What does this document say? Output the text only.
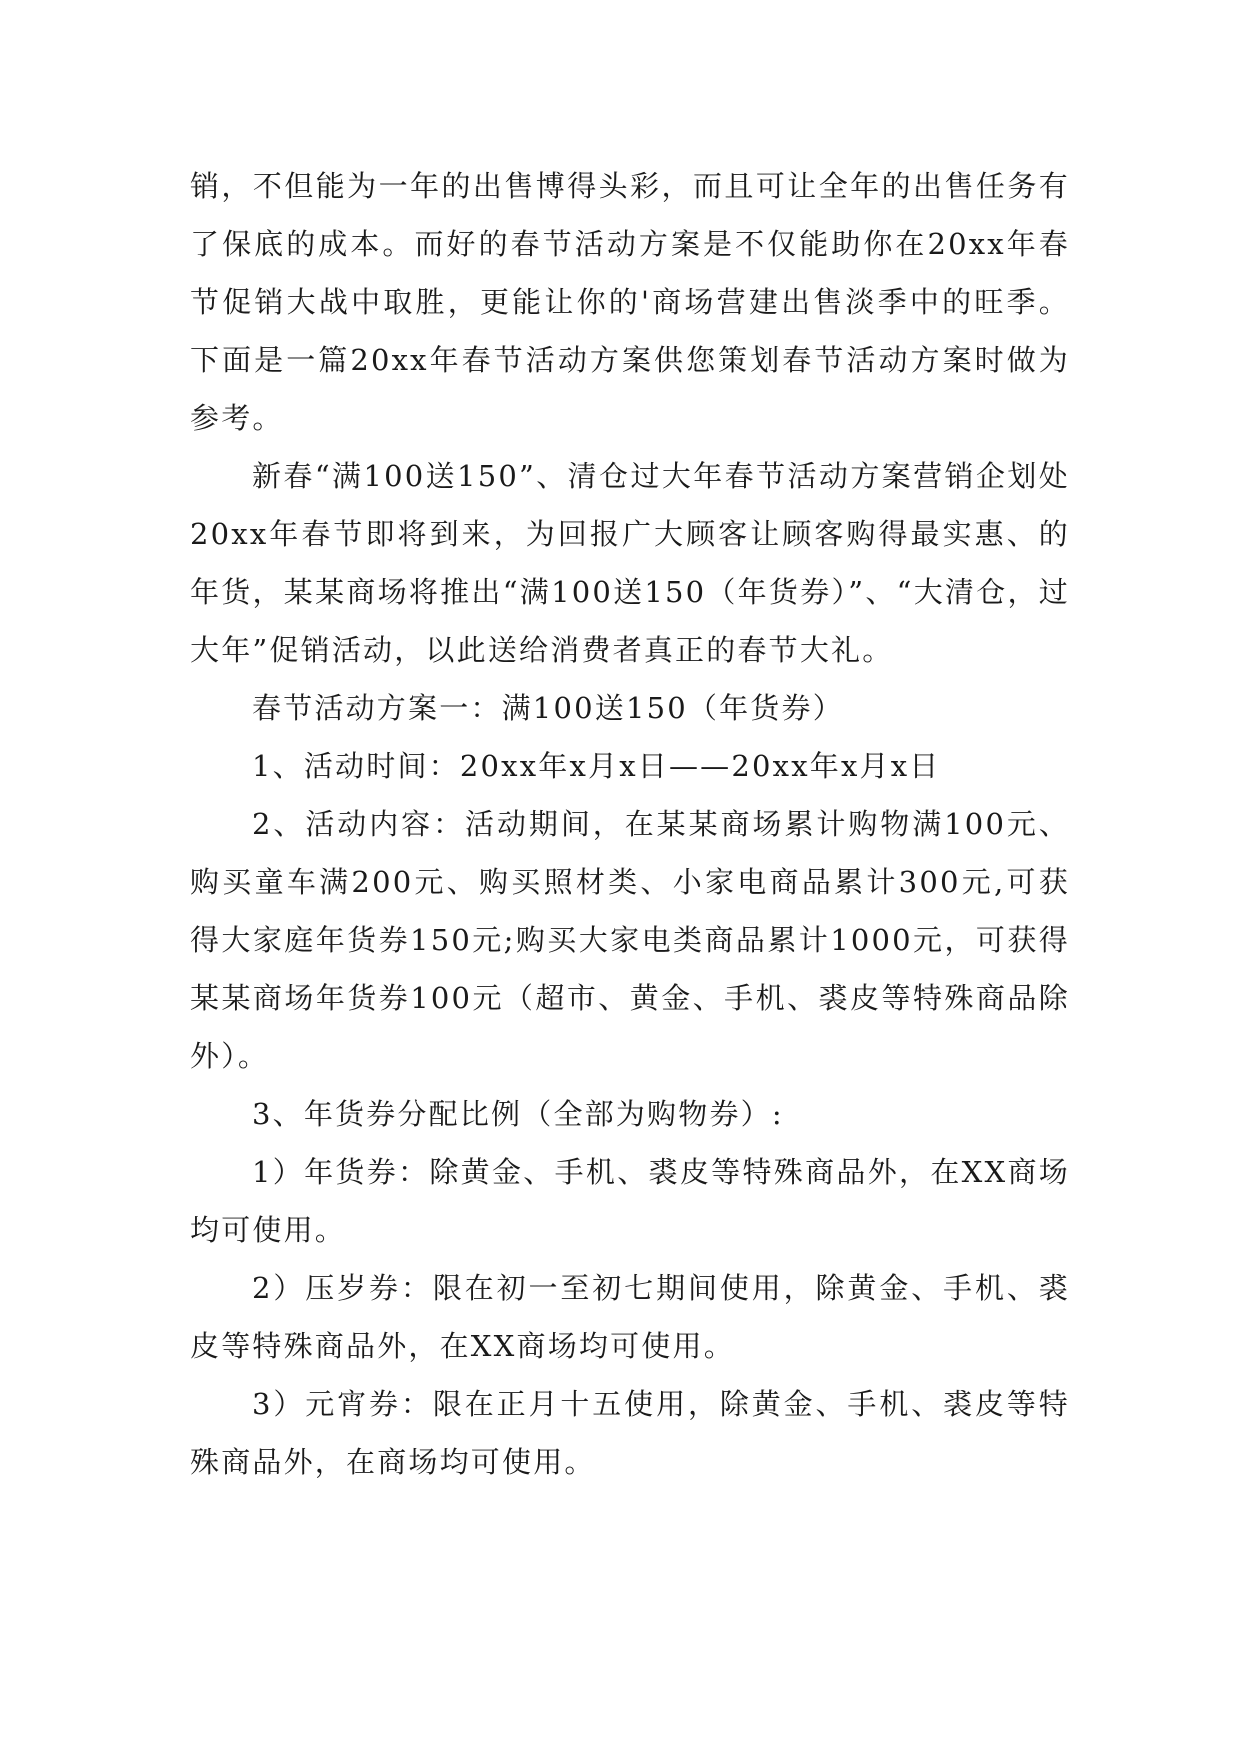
销，不但能为一年的出售博得头彩，而且可让全年的出售任务有了保底的成本。而好的春节活动方案是不仅能助你在20xx年春节促销大战中取胜，更能让你的'商场营建出售淡季中的旺季。下面是一篇20xx年春节活动方案供您策划春节活动方案时做为参考。

新春“满100送150”、清仓过大年春节活动方案营销企划处20xx年春节即将到来，为回报广大顾客让顾客购得最实惠、的年货，某某商场将推出“满100送150（年货券）”、“大清仓，过大年”促销活动，以此送给消费者真正的春节大礼。

春节活动方案一：满100送150（年货券）

1、活动时间：20xx年x月x日——20xx年x月x日

2、活动内容：活动期间，在某某商场累计购物满100元、购买童车满200元、购买照材类、小家电商品累计300元,可获得大家庭年货券150元;购买大家电类商品累计1000元，可获得某某商场年货券100元（超市、黄金、手机、裘皮等特殊商品除外）。

3、年货券分配比例（全部为购物券）:

1）年货券：除黄金、手机、裘皮等特殊商品外，在XX商场均可使用。

2）压岁券：限在初一至初七期间使用，除黄金、手机、裘皮等特殊商品外，在XX商场均可使用。

3）元宵券：限在正月十五使用，除黄金、手机、裘皮等特殊商品外，在商场均可使用。
